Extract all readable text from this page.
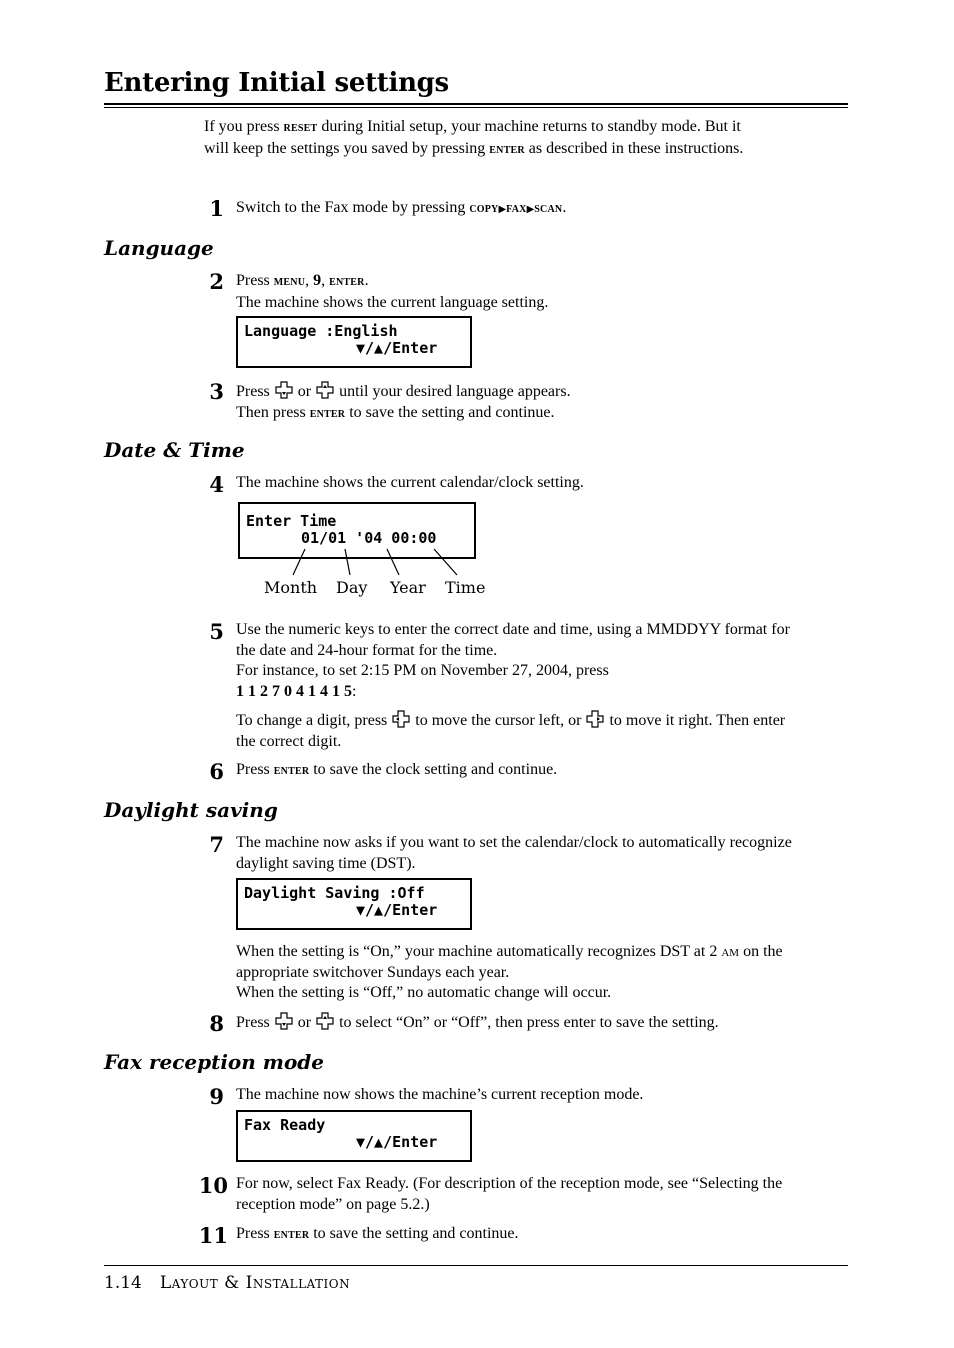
Entering Initial settings
If you press reset during Initial setup, your machine returns to standby mode. But it
will keep the settings you saved by pressing enter as described in these instructions.
1 Switch to the Fax mode by pressing copy▶fax▶scan.
Language
2 Press menu, 9, enter.
The machine shows the current language setting.
Language :English
▼/▲/Enter
3 Press  or  until your desired language appears.
Then press enter to save the setting and continue.
Date & Time
4 The machine shows the current calendar/clock setting.
Enter Time
01/01 '04 00:00
Month Day Year Time
5 Use the numeric keys to enter the correct date and time, using a MMDDYY format for
the date and 24-hour format for the time.
For instance, to set 2:15 PM on November 27, 2004, press
1 1 2 7 0 4 1 4 1 5:
To change a digit, press  to move the cursor left, or  to move it right. Then enter
the correct digit.
6 Press enter to save the clock setting and continue.
Daylight saving
7 The machine now asks if you want to set the calendar/clock to automatically recognize
daylight saving time (DST).
Daylight Saving :Off
▼/▲/Enter
When the setting is “On,” your machine automatically recognizes DST at 2 am on the
appropriate switchover Sundays each year.
When the setting is “Off,” no automatic change will occur.
8 Press  or  to select “On” or “Off”, then press enter to save the setting.
Fax reception mode
9 The machine now shows the machine’s current reception mode.
Fax Ready
▼/▲/Enter
10 For now, select Fax Ready. (For description of the reception mode, see “Selecting the
reception mode” on page 5.2.)
11 Press enter to save the setting and continue.
1.14 Layout & Installation
